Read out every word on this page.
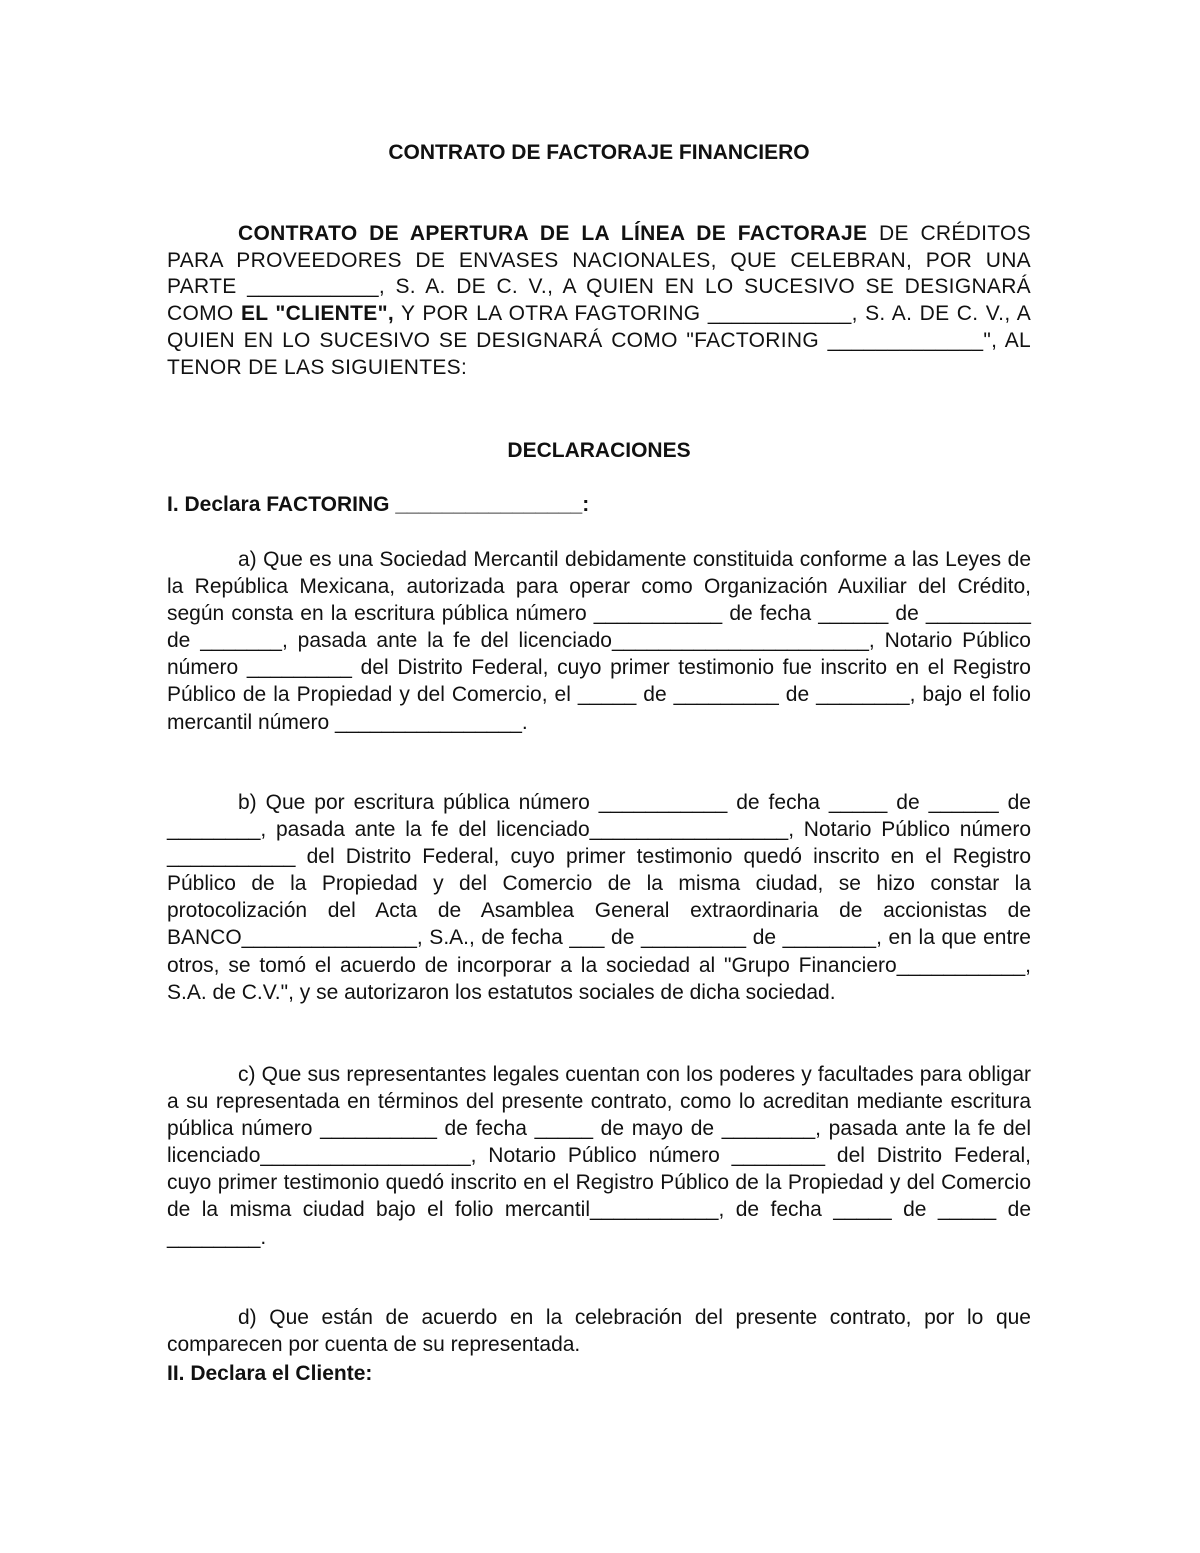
CONTRATO DE FACTORAJE FINANCIERO
CONTRATO DE APERTURA DE LA LÍNEA DE FACTORAJE DE CRÉDITOS PARA PROVEEDORES DE ENVASES NACIONALES, QUE CELEBRAN, POR UNA PARTE ___________, S. A. DE C. V., A QUIEN EN LO SUCESIVO SE DESIGNARÁ COMO EL "CLIENTE", Y POR LA OTRA FAGTORING ____________, S. A. DE C. V., A QUIEN EN LO SUCESIVO SE DESIGNARÁ COMO "FACTORING _____________", AL TENOR DE LAS SIGUIENTES:
DECLARACIONES
I. Declara FACTORING ________________:
a) Que es una Sociedad Mercantil debidamente constituida conforme a las Leyes de la República Mexicana, autorizada para operar como Organización Auxiliar del Crédito, según consta en la escritura pública número ___________ de fecha ______ de _________ de _______, pasada ante la fe del licenciado______________________, Notario Público número _________ del Distrito Federal, cuyo primer testimonio fue inscrito en el Registro Público de la Propiedad y del Comercio, el _____ de _________ de ________, bajo el folio mercantil número ________________.
b) Que por escritura pública número ___________ de fecha _____ de ______ de ________, pasada ante la fe del licenciado_________________, Notario Público número ___________ del Distrito Federal, cuyo primer testimonio quedó inscrito en el Registro Público de la Propiedad y del Comercio de la misma ciudad, se hizo constar la protocolización del Acta de Asamblea General extraordinaria de accionistas de BANCO_______________, S.A., de fecha ___ de _________ de ________, en la que entre otros, se tomó el acuerdo de incorporar a la sociedad al "Grupo Financiero___________, S.A. de C.V.", y se autorizaron los estatutos sociales de dicha sociedad.
c) Que sus representantes legales cuentan con los poderes y facultades para obligar a su representada en términos del presente contrato, como lo acreditan mediante escritura pública número __________ de fecha _____ de mayo de ________, pasada ante la fe del licenciado__________________, Notario Público número ________ del Distrito Federal, cuyo primer testimonio quedó inscrito en el Registro Público de la Propiedad y del Comercio de la misma ciudad bajo el folio mercantil___________, de fecha _____ de _____ de ________.
d) Que están de acuerdo en la celebración del presente contrato, por lo que comparecen por cuenta de su representada.
II. Declara el Cliente:
